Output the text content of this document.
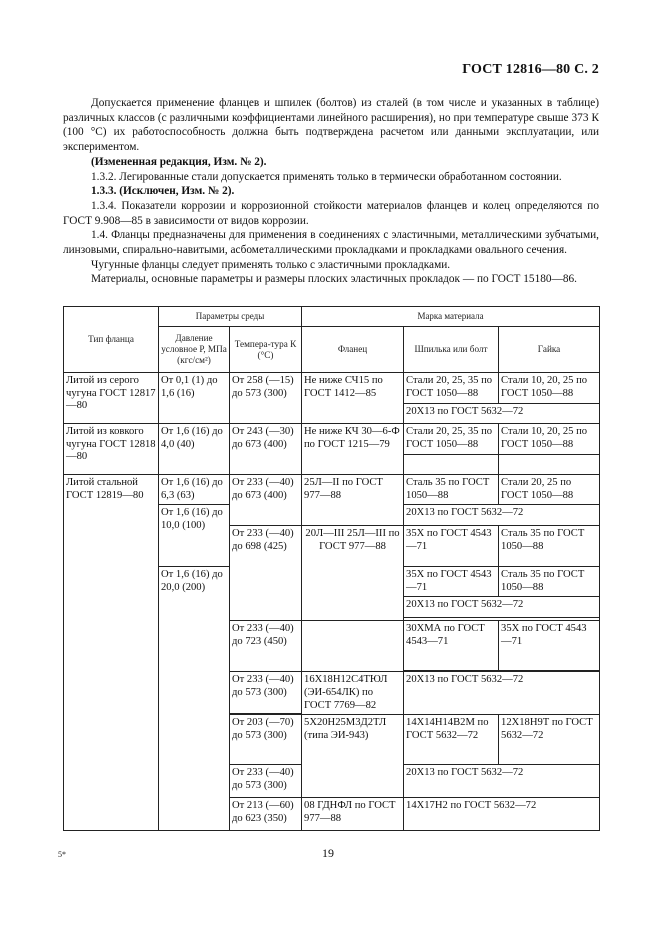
ГОСТ 12816—80 С. 2

Допускается применение фланцев и шпилек (болтов) из сталей (в том числе и указанных в таблице) различных классов (с различными коэффициентами линейного расширения), но при температуре свыше 373 К (100 °С) их работоспособность должна быть подтверждена расчетом или данными эксплуатации, или экспериментом.

(Измененная редакция, Изм. № 2).

1.3.2. Легированные стали допускается применять только в термически обработанном состоянии.

1.3.3. (Исключен, Изм. № 2).

1.3.4. Показатели коррозии и коррозионной стойкости материалов фланцев и колец определяются по ГОСТ 9.908—85 в зависимости от видов коррозии.

1.4. Фланцы предназначены для применения в соединениях с эластичными, металлическими зубчатыми, линзовыми, спирально-навитыми, асбометаллическими прокладками и прокладками овального сечения.

Чугунные фланцы следует применять только с эластичными прокладками.

Материалы, основные параметры и размеры плоских эластичных прокладок — по ГОСТ 15180—86.

Тип фланца	Параметры среды		Марка материала		
	Давление условное Р, МПа (кгс/см²)	Темпера-тура К (°С)	Фланец	Шпилька или болт	Гайка
Литой из серого чугуна ГОСТ 12817—80	От 0,1 (1) до 1,6 (16)	От 258 (—15) до 573 (300)	Не ниже СЧ15 по ГОСТ 1412—85	Стали 20, 25, 35 по ГОСТ 1050—88	Стали 10, 20, 25 по ГОСТ 1050—88
				20Х13 по ГОСТ 5632—72	
Литой из ковкого чугуна ГОСТ 12818—80	От 1,6 (16) до 4,0 (40)	От 243 (—30) до 673 (400)	Не ниже КЧ 30—6-Ф по ГОСТ 1215—79	Стали 20, 25, 35 по ГОСТ 1050—88	Стали 10, 20, 25 по ГОСТ 1050—88

Литой стальной ГОСТ 12819—80	От 1,6 (16) до 6,3 (63)	От 233 (—40) до 673 (400)	25Л—II по ГОСТ 977—88	Сталь 35 по ГОСТ 1050—88	Стали 20, 25 по ГОСТ 1050—88
	От 1,6 (16) до 10,0 (100)			20Х13 по ГОСТ 5632—72	
		От 233 (—40) до 698 (425)	20Л—III 25Л—III по ГОСТ 977—88	35Х по ГОСТ 4543—71	Сталь 35 по ГОСТ 1050—88
	От 1,6 (16) до 20,0 (200)			35Х по ГОСТ 4543—71	Сталь 35 по ГОСТ 1050—88
				20Х13 по ГОСТ 5632—72	

		От 233 (—40) до 723 (450)		30ХМА по ГОСТ 4543—71	35Х по ГОСТ 4543—71

		От 233 (—40) до 573 (300)	16Х18Н12С4ТЮЛ (ЭИ-654ЛК) по ГОСТ 7769—82	20Х13 по ГОСТ 5632—72	

		От 203 (—70) до 573 (300)	5Х20Н25М3Д2ТЛ (типа ЭИ-943)	14Х14Н14В2М по ГОСТ 5632—72	12Х18Н9Т по ГОСТ 5632—72
		От 233 (—40) до 573 (300)		20Х13 по ГОСТ 5632—72	
		От 213 (—60) до 623 (350)	08 ГДНФЛ по ГОСТ 977—88	14Х17Н2 по ГОСТ 5632—72	
5*	19
